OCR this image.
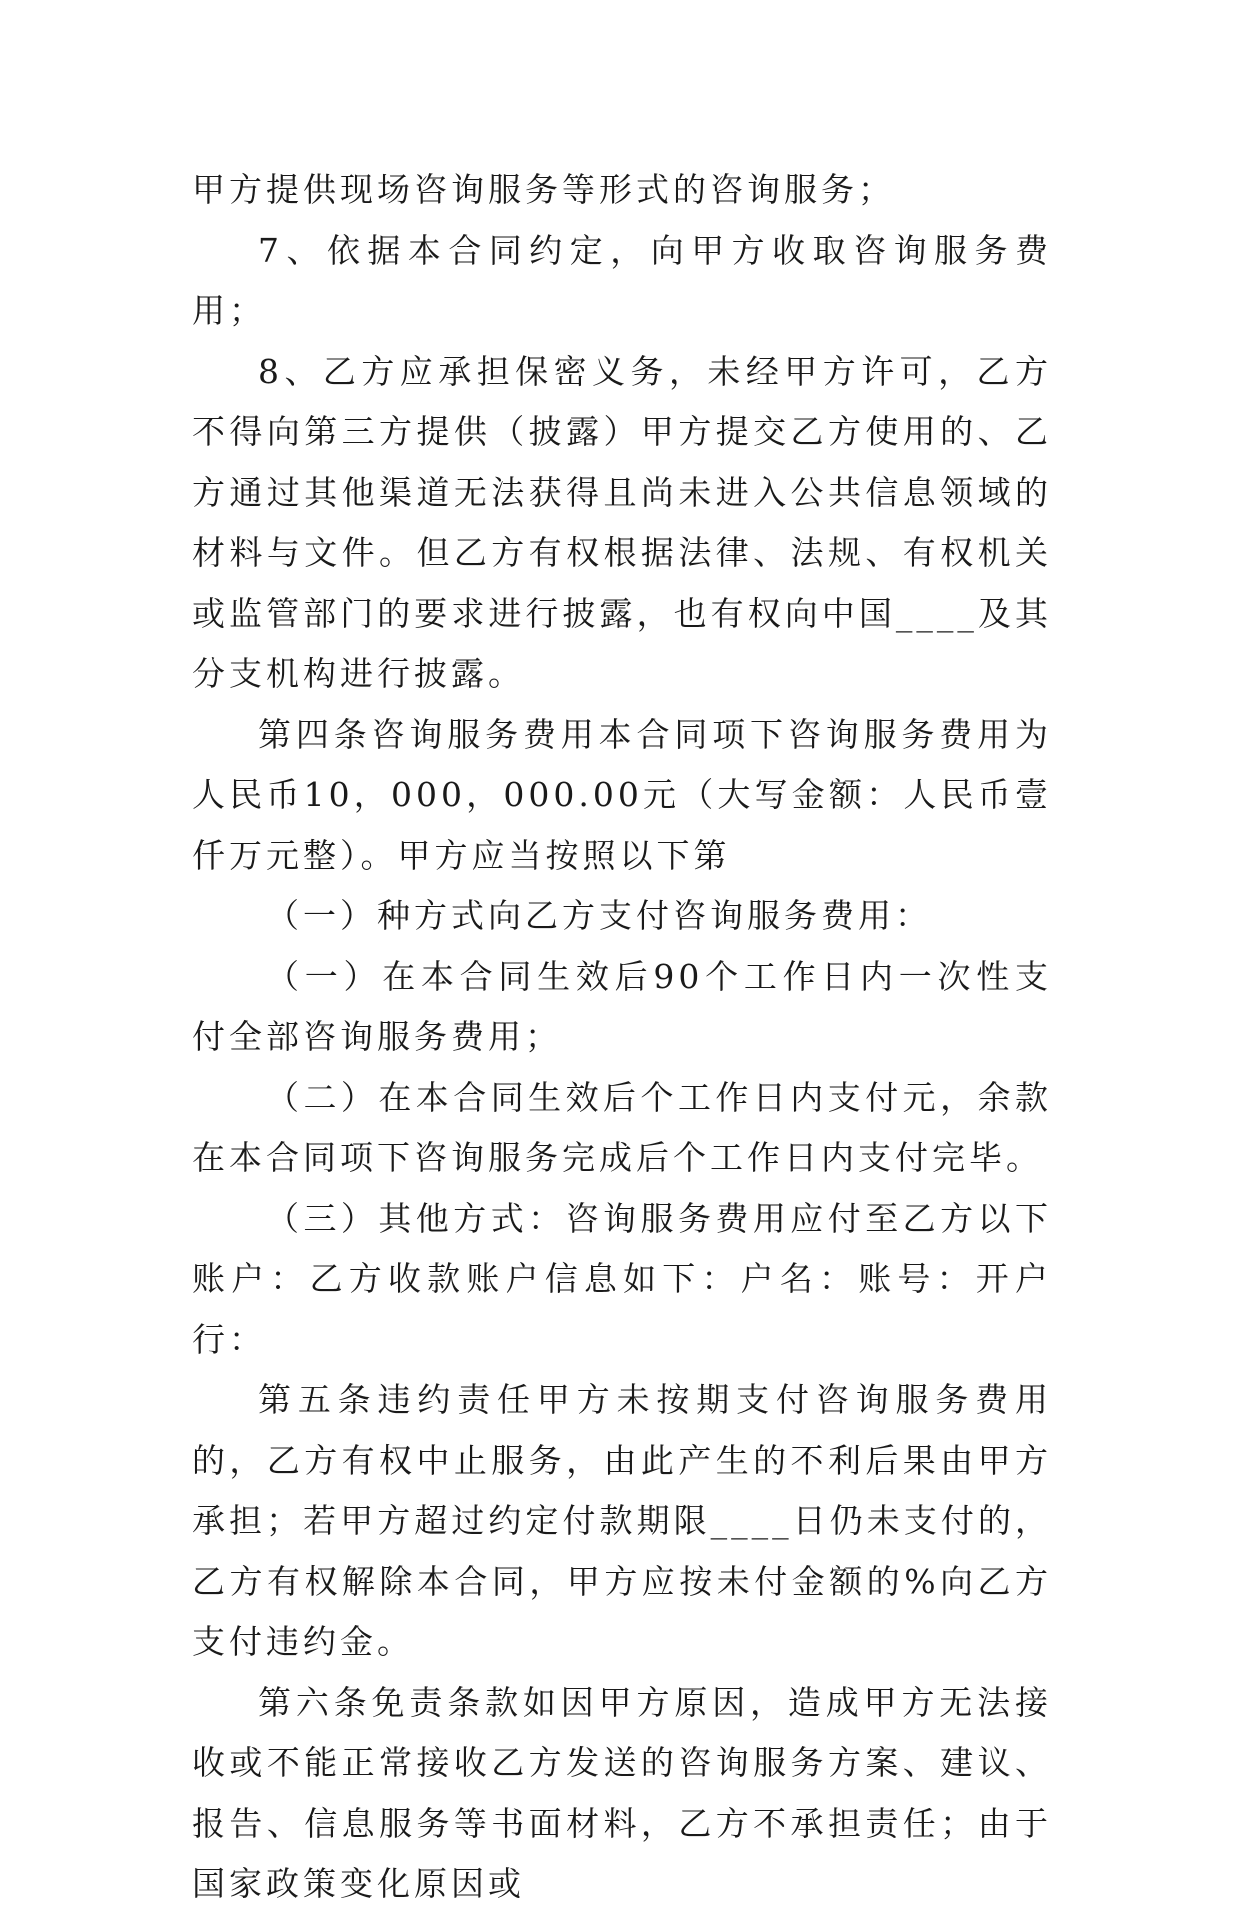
甲方提供现场咨询服务等形式的咨询服务；

7、依据本合同约定，向甲方收取咨询服务费用；

8、乙方应承担保密义务，未经甲方许可，乙方不得向第三方提供（披露）甲方提交乙方使用的、乙方通过其他渠道无法获得且尚未进入公共信息领域的材料与文件。但乙方有权根据法律、法规、有权机关或监管部门的要求进行披露，也有权向中国____及其分支机构进行披露。

第四条咨询服务费用本合同项下咨询服务费用为人民币10，000，000.00元（大写金额：人民币壹仟万元整）。甲方应当按照以下第

（一）种方式向乙方支付咨询服务费用：

（一）在本合同生效后90个工作日内一次性支付全部咨询服务费用；

（二）在本合同生效后个工作日内支付元，余款在本合同项下咨询服务完成后个工作日内支付完毕。

（三）其他方式：咨询服务费用应付至乙方以下账户：乙方收款账户信息如下：户名：账号：开户行：

第五条违约责任甲方未按期支付咨询服务费用的，乙方有权中止服务，由此产生的不利后果由甲方承担；若甲方超过约定付款期限____日仍未支付的，乙方有权解除本合同，甲方应按未付金额的%向乙方支付违约金。

第六条免责条款如因甲方原因，造成甲方无法接收或不能正常接收乙方发送的咨询服务方案、建议、报告、信息服务等书面材料，乙方不承担责任；由于国家政策变化原因或
